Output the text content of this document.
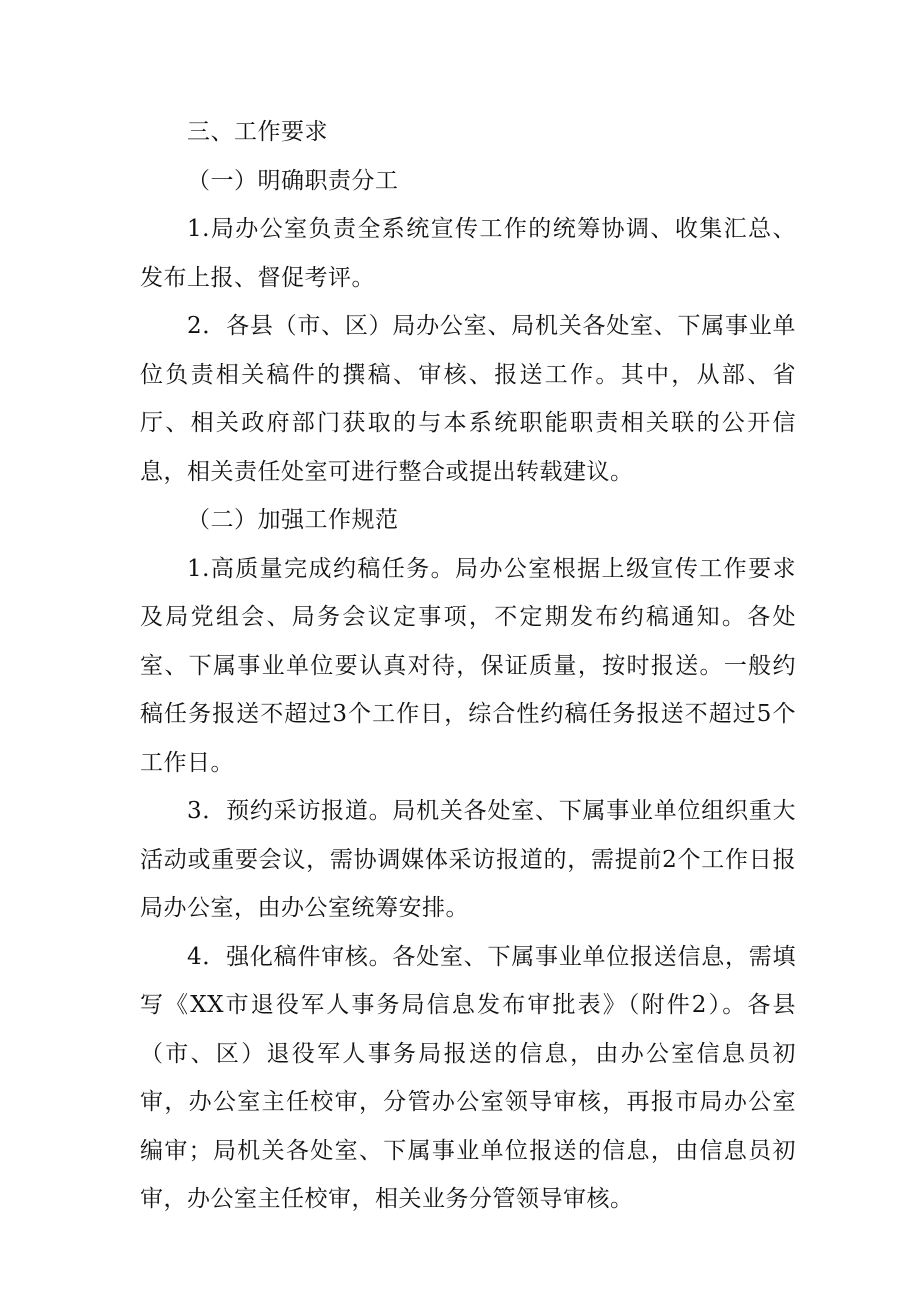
三、工作要求

（一）明确职责分工

1.局办公室负责全系统宣传工作的统筹协调、收集汇总、发布上报、督促考评。

2．各县（市、区）局办公室、局机关各处室、下属事业单位负责相关稿件的撰稿、审核、报送工作。其中，从部、省厅、相关政府部门获取的与本系统职能职责相关联的公开信息，相关责任处室可进行整合或提出转载建议。

（二）加强工作规范

1.高质量完成约稿任务。局办公室根据上级宣传工作要求及局党组会、局务会议定事项，不定期发布约稿通知。各处室、下属事业单位要认真对待，保证质量，按时报送。一般约稿任务报送不超过3个工作日，综合性约稿任务报送不超过5个工作日。

3．预约采访报道。局机关各处室、下属事业单位组织重大活动或重要会议，需协调媒体采访报道的，需提前2个工作日报局办公室，由办公室统筹安排。

4．强化稿件审核。各处室、下属事业单位报送信息，需填写《XX市退役军人事务局信息发布审批表》（附件2）。各县（市、区）退役军人事务局报送的信息，由办公室信息员初审，办公室主任校审，分管办公室领导审核，再报市局办公室编审；局机关各处室、下属事业单位报送的信息，由信息员初审，办公室主任校审，相关业务分管领导审核。
